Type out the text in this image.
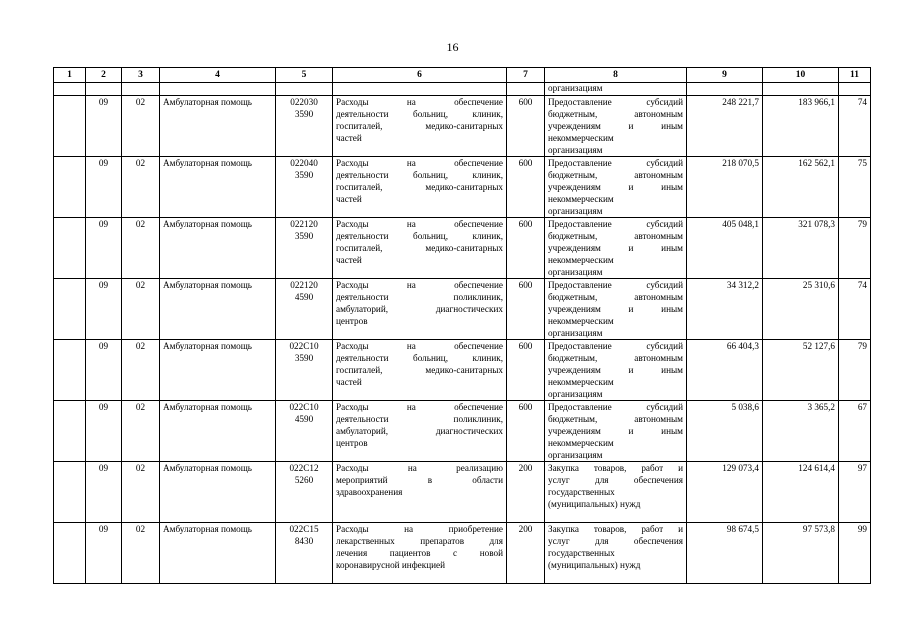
16
1	2	3	4	5	6	7	8	9	10	11
							организациям			
	09	02	Амбулаторная помощь	022030
3590	Расходы на обеспечение
деятельности больниц, клиник,
госпиталей, медико-санитарных
частей	600	Предоставление субсидий
бюджетным, автономным
учреждениям и иным
некоммерческим
организациям	248 221,7	183 966,1	74
	09	02	Амбулаторная помощь	022040
3590	Расходы на обеспечение
деятельности больниц, клиник,
госпиталей, медико-санитарных
частей	600	Предоставление субсидий
бюджетным, автономным
учреждениям и иным
некоммерческим
организациям	218 070,5	162 562,1	75
	09	02	Амбулаторная помощь	022120
3590	Расходы на обеспечение
деятельности больниц, клиник,
госпиталей, медико-санитарных
частей	600	Предоставление субсидий
бюджетным, автономным
учреждениям и иным
некоммерческим
организациям	405 048,1	321 078,3	79
	09	02	Амбулаторная помощь	022120
4590	Расходы на обеспечение
деятельности поликлиник,
амбулаторий, диагностических
центров	600	Предоставление субсидий
бюджетным, автономным
учреждениям и иным
некоммерческим
организациям	34 312,2	25 310,6	74
	09	02	Амбулаторная помощь	022C10
3590	Расходы на обеспечение
деятельности больниц, клиник,
госпиталей, медико-санитарных
частей	600	Предоставление субсидий
бюджетным, автономным
учреждениям и иным
некоммерческим
организациям	66 404,3	52 127,6	79
	09	02	Амбулаторная помощь	022C10
4590	Расходы на обеспечение
деятельности поликлиник,
амбулаторий, диагностических
центров	600	Предоставление субсидий
бюджетным, автономным
учреждениям и иным
некоммерческим
организациям	5 038,6	3 365,2	67
	09	02	Амбулаторная помощь	022C12
5260	Расходы на реализацию
мероприятий в области
здравоохранения	200	Закупка товаров, работ и
услуг для обеспечения
государственных
(муниципальных) нужд	129 073,4	124 614,4	97
	09	02	Амбулаторная помощь	022C15
8430	Расходы на приобретение
лекарственных препаратов для
лечения пациентов с новой
коронавирусной инфекцией	200	Закупка товаров, работ и
услуг для обеспечения
государственных
(муниципальных) нужд	98 674,5	97 573,8	99
